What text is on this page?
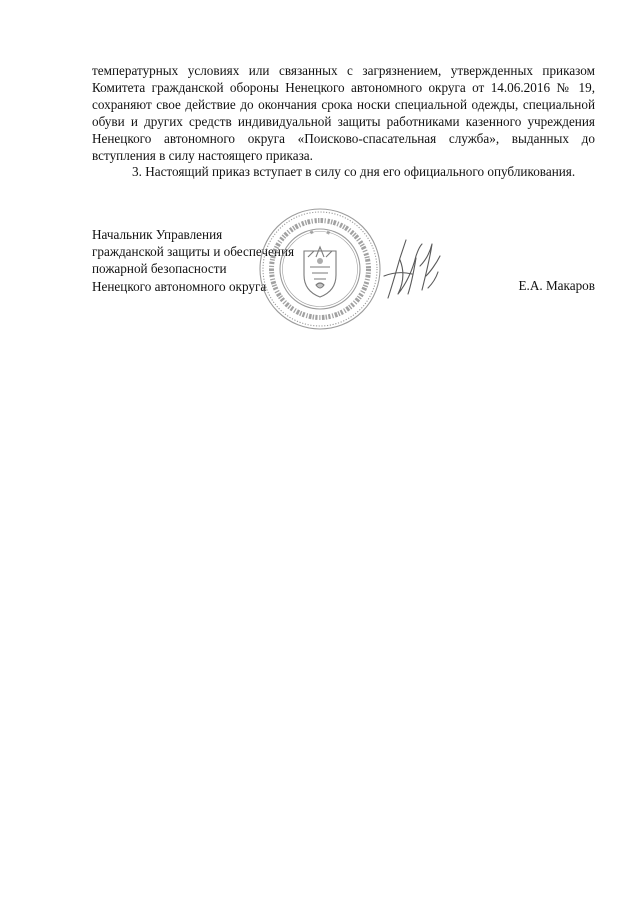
температурных условиях или связанных с загрязнением, утвержденных приказом Комитета гражданской обороны Ненецкого автономного округа от 14.06.2016 № 19, сохраняют свое действие до окончания срока носки специальной одежды, специальной обуви и других средств индивидуальной защиты работниками казенного учреждения Ненецкого автономного округа «Поисково-спасательная служба», выданных до вступления в силу настоящего приказа.

3. Настоящий приказ вступает в силу со дня его официального опубликования.

Начальник Управления
гражданской защиты и обеспечения
пожарной безопасности
Ненецкого автономного округа	Е.А. Макаров
